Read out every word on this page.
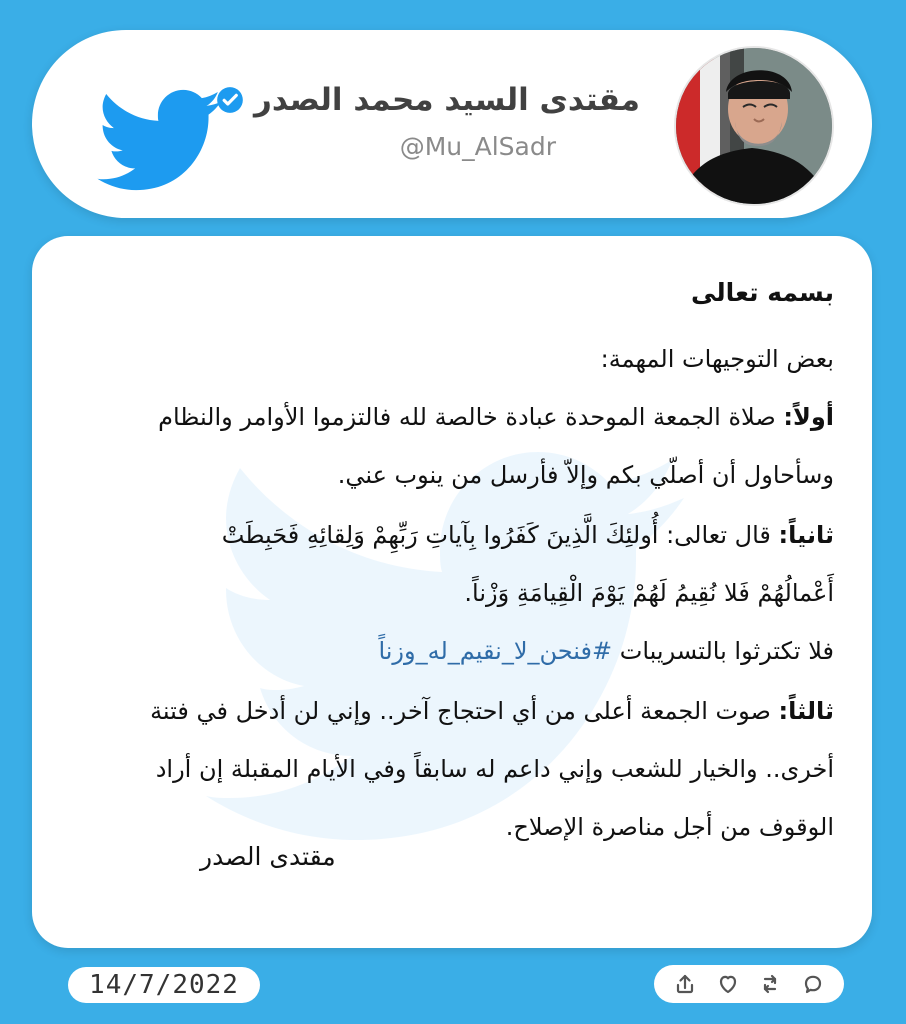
مقتدى السيد محمد الصدر
@Mu_AlSadr
بسمه تعالى
بعض التوجيهات المهمة:
أولاً: صلاة الجمعة الموحدة عبادة خالصة لله فالتزموا الأوامر والنظام
وسأحاول أن أصلّي بكم وإلاّ فأرسل من ينوب عني.
ثانياً: قال تعالى: أُولئِكَ الَّذِينَ كَفَرُوا بِآياتِ رَبِّهِمْ وَلِقائِهِ فَحَبِطَتْ
أَعْمالُهُمْ فَلا نُقِيمُ لَهُمْ يَوْمَ الْقِيامَةِ وَزْناً.
فلا تكترثوا بالتسريبات #فنحن_لا_نقيم_له_وزناً
ثالثاً: صوت الجمعة أعلى من أي احتجاج آخر.. وإني لن أدخل في فتنة
أخرى.. والخيار للشعب وإني داعم له سابقاً وفي الأيام المقبلة إن أراد
الوقوف من أجل مناصرة الإصلاح.
مقتدى الصدر
14/7/2022
